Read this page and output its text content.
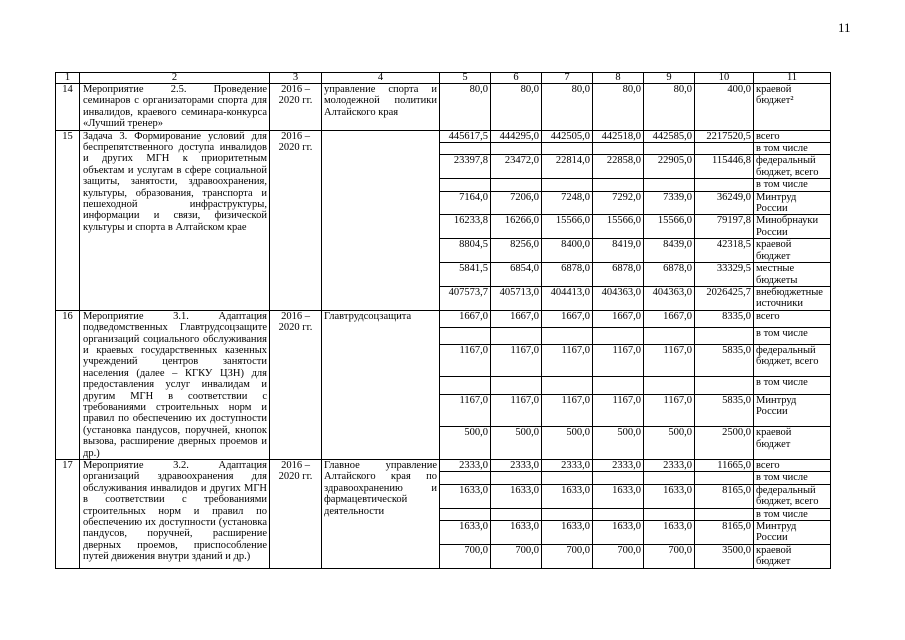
11
1	2	3	4	5	6	7	8	9	10	11
14	Мероприятие 2.5. Проведение семинаров с организаторами спорта для инвалидов, краевого семинара-конкурса «Лучший тренер»	2016 – 2020 гг.	управление спорта и молодежной политики Алтайского края	80,0	80,0	80,0	80,0	80,0	400,0	краевой бюджет²
15	Задача 3. Формирование условий для беспрепятственного доступа инвалидов и других МГН к приоритетным объектам и услугам в сфере социальной защиты, занятости, здравоохранения, культуры, образования, транспорта и пешеходной инфраструктуры, информации и связи, физической культуры и спорта в Алтайском крае	2016 – 2020 гг.		445617,5	444295,0	442505,0	442518,0	442585,0	2217520,5	всего
										в том числе
				23397,8	23472,0	22814,0	22858,0	22905,0	115446,8	федеральный бюджет, всего
										в том числе
				7164,0	7206,0	7248,0	7292,0	7339,0	36249,0	Минтруд России
				16233,8	16266,0	15566,0	15566,0	15566,0	79197,8	Минобрнауки России
				8804,5	8256,0	8400,0	8419,0	8439,0	42318,5	краевой бюджет
				5841,5	6854,0	6878,0	6878,0	6878,0	33329,5	местные бюджеты
				407573,7	405713,0	404413,0	404363,0	404363,0	2026425,7	внебюджетные источники
16	Мероприятие 3.1. Адаптация подведомственных Главтрудсоцзащите организаций социального обслуживания и краевых государственных казенных учреждений центров занятости населения (далее – КГКУ ЦЗН) для предоставления услуг инвалидам и другим МГН в соответствии с требованиями строительных норм и правил по обеспечению их доступности (установка пандусов, поручней, кнопок вызова, расширение дверных проемов и др.)	2016 – 2020 гг.	Главтрудсоцзащита	1667,0	1667,0	1667,0	1667,0	1667,0	8335,0	всего
										в том числе
				1167,0	1167,0	1167,0	1167,0	1167,0	5835,0	федеральный бюджет, всего
										в том числе
				1167,0	1167,0	1167,0	1167,0	1167,0	5835,0	Минтруд России
				500,0	500,0	500,0	500,0	500,0	2500,0	краевой бюджет
17	Мероприятие 3.2. Адаптация организаций здравоохранения для обслуживания инвалидов и других МГН в соответствии с требованиями строительных норм и правил по обеспечению их доступности (установка пандусов, поручней, расширение дверных проемов, приспособление путей движения внутри зданий и др.)	2016 – 2020 гг.	Главное управление Алтайского края по здравоохранению и фармацевтической деятельности	2333,0	2333,0	2333,0	2333,0	2333,0	11665,0	всего
										в том числе
				1633,0	1633,0	1633,0	1633,0	1633,0	8165,0	федеральный бюджет, всего
										в том числе
				1633,0	1633,0	1633,0	1633,0	1633,0	8165,0	Минтруд России
				700,0	700,0	700,0	700,0	700,0	3500,0	краевой бюджет
